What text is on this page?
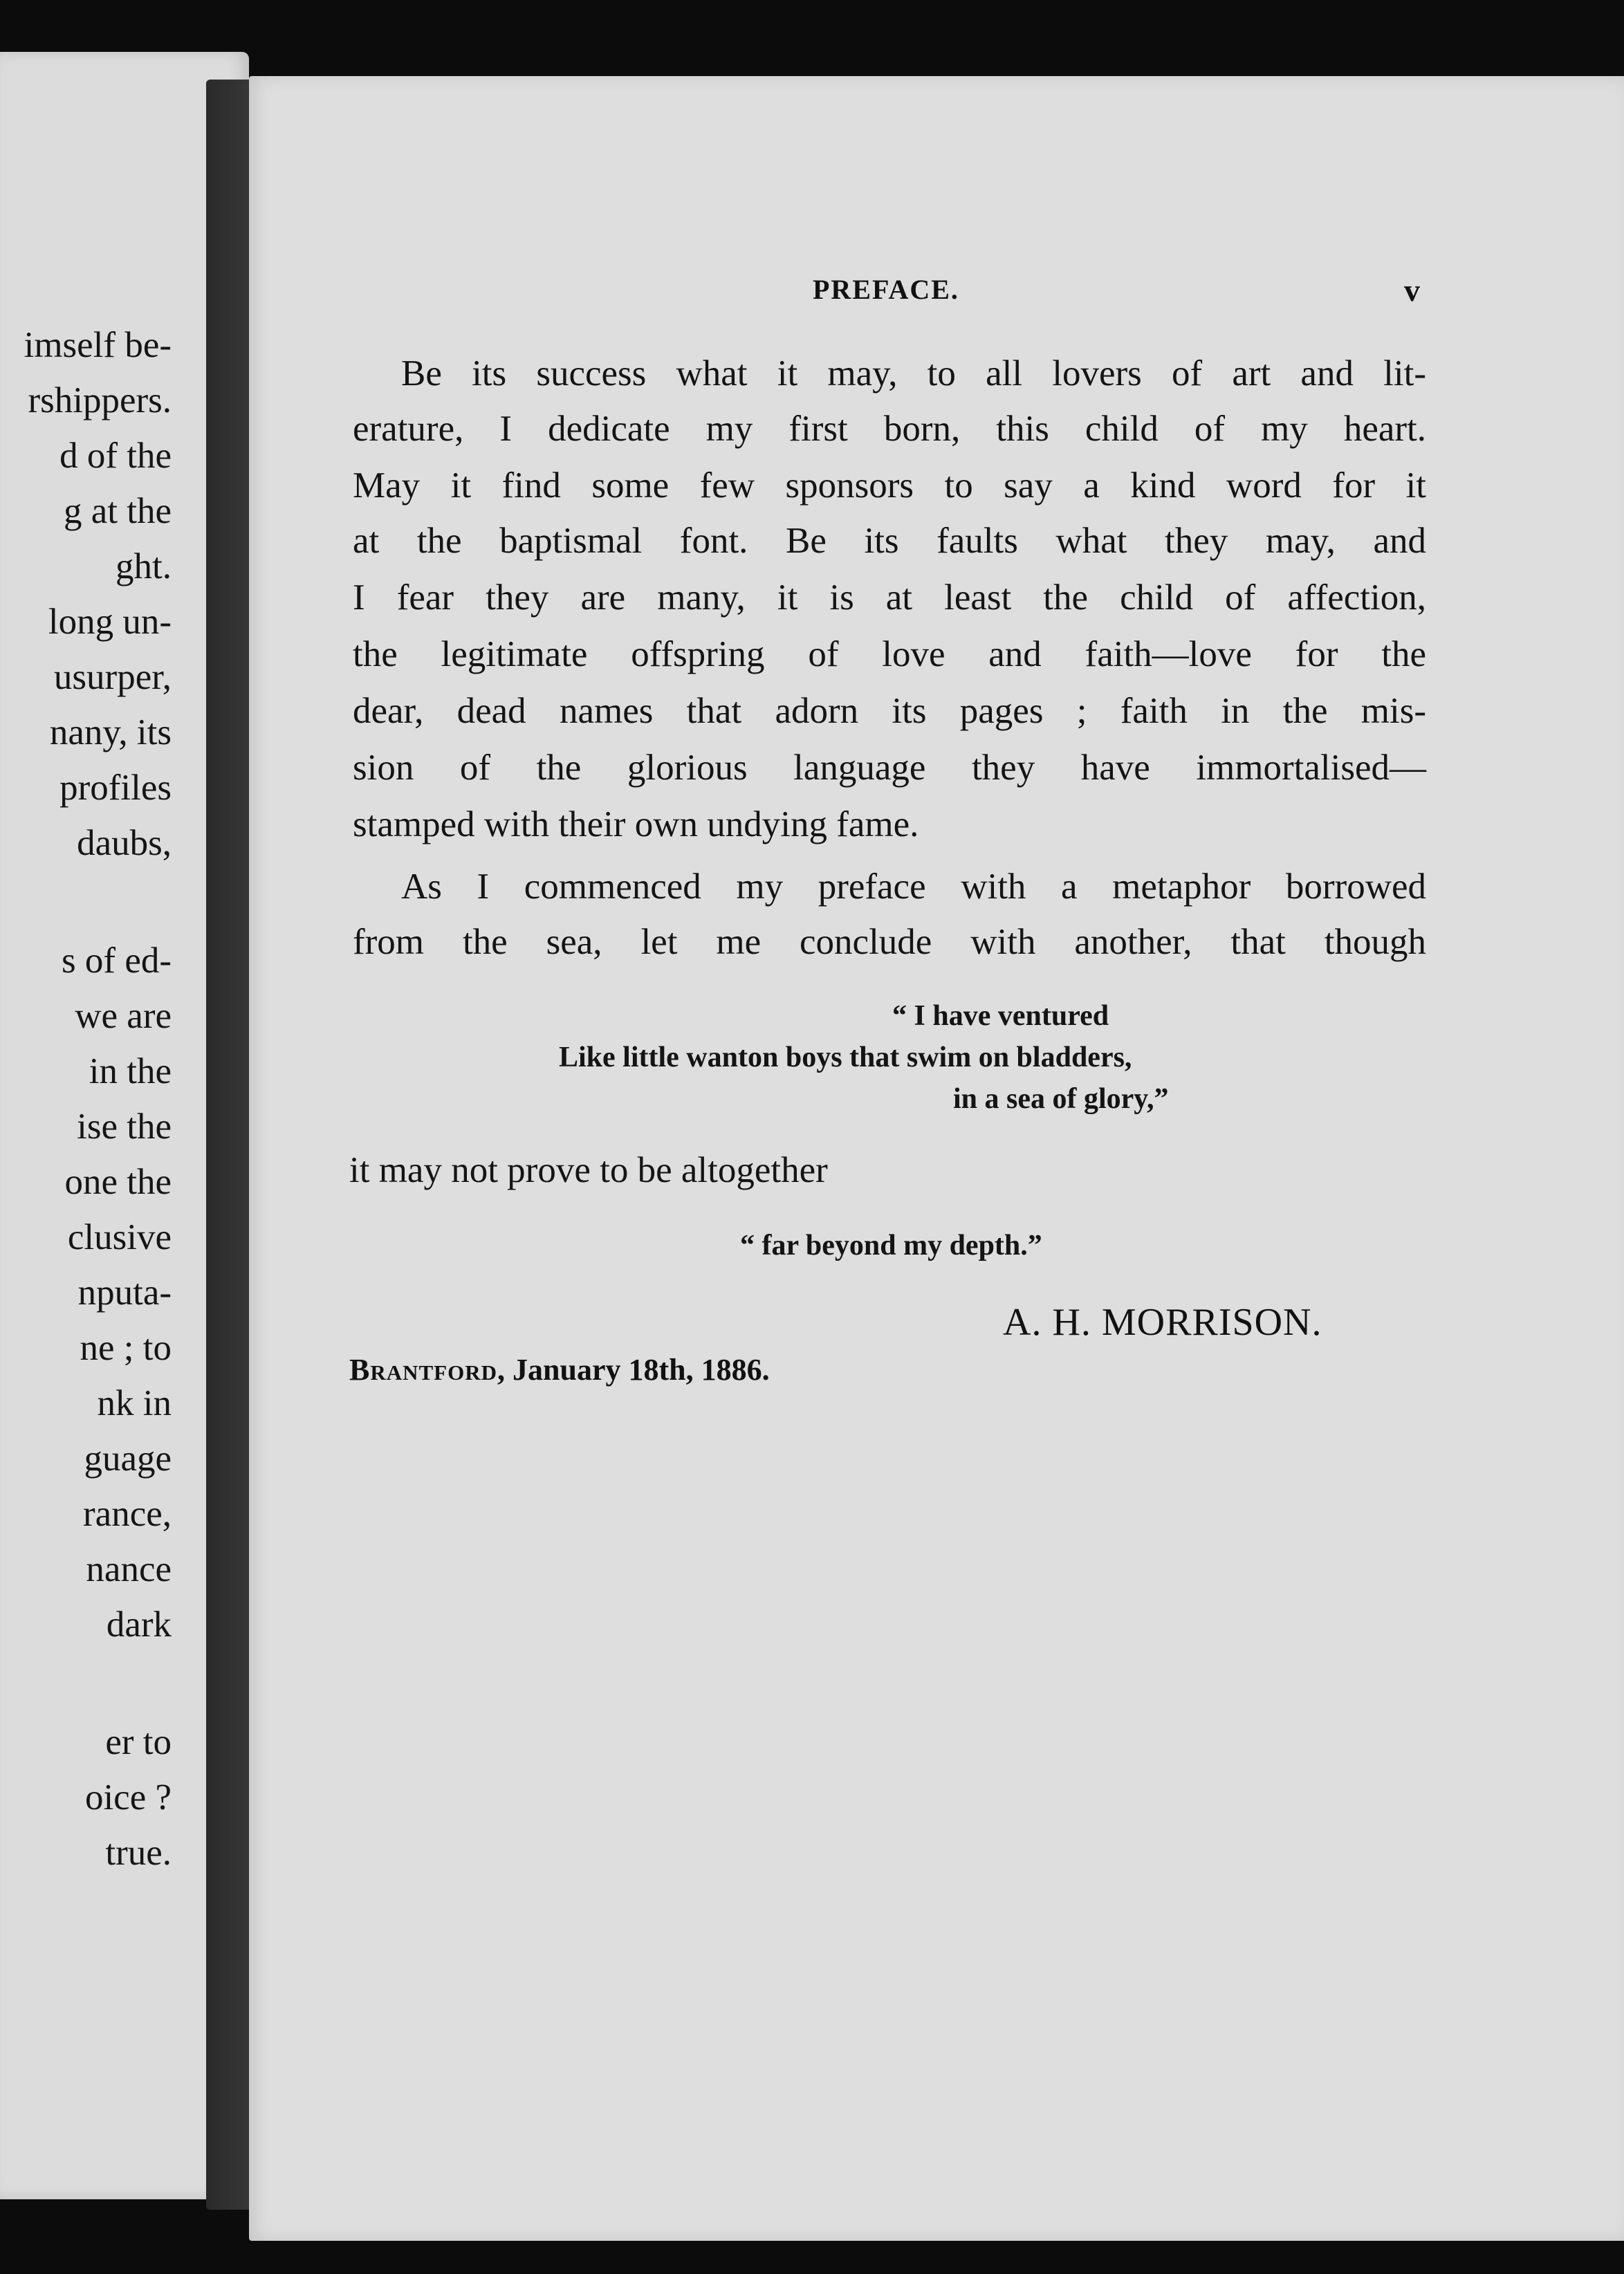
imself be-
rshippers.
d of the
g at the
ght.
long un-
usurper,
nany, its
profiles
daubs,
s of ed-
we are
in the
ise the
one the
clusive
nputa-
ne ; to
nk in
guage
rance,
nance
dark
er to
oice ?
true.
PREFACE.	v
Be its success what it may, to all lovers of art and lit-
erature, I dedicate my first born, this child of my heart.
May it find some few sponsors to say a kind word for it
at the baptismal font. Be its faults what they may, and
I fear they are many, it is at least the child of affection,
the legitimate offspring of love and faith—love for the
dear, dead names that adorn its pages ; faith in the mis-
sion of the glorious language they have immortalised—
stamped with their own undying fame.
As I commenced my preface with a metaphor borrowed
from the sea, let me conclude with another, that though
“ I have ventured
Like little wanton boys that swim on bladders,
in a sea of glory,”
it may not prove to be altogether
“ far beyond my depth.”
A. H. MORRISON.
Brantford, January 18th, 1886.
